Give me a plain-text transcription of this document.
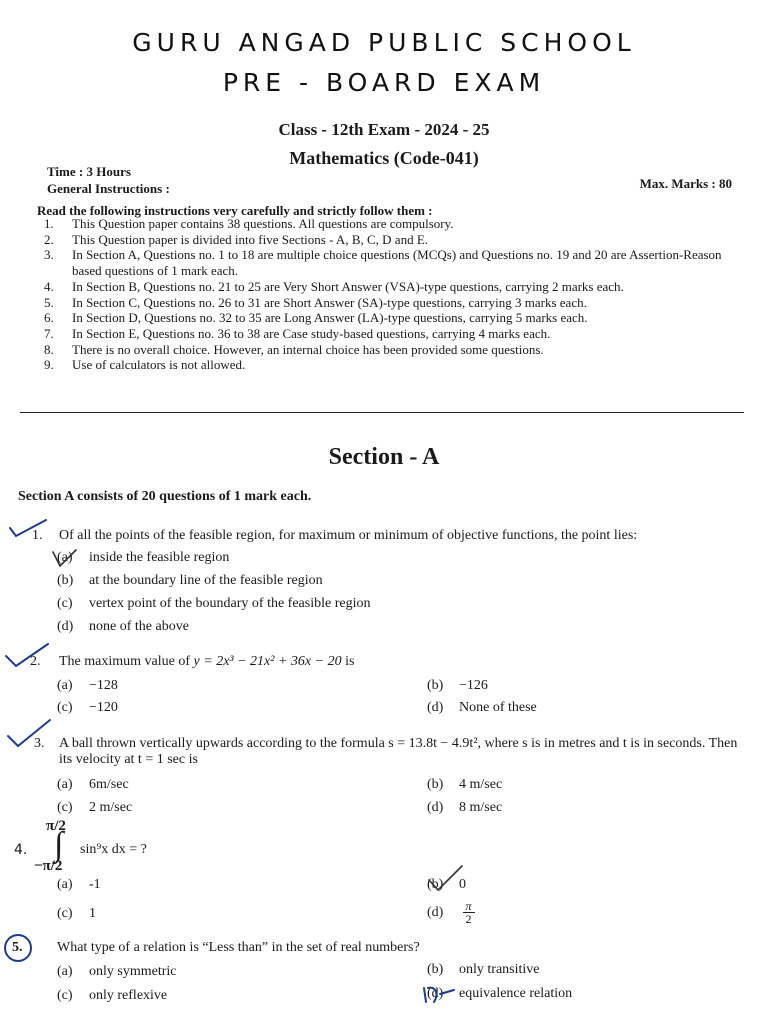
GURU ANGAD PUBLIC SCHOOL
PRE - BOARD EXAM
Class - 12th Exam - 2024 - 25
Mathematics (Code-041)
Time : 3 Hours
General Instructions :	Max. Marks : 80
Read the following instructions very carefully and strictly follow them :
1.	This Question paper contains 38 questions. All questions are compulsory.
2.	This Question paper is divided into five Sections - A, B, C, D and E.
3.	In Section A, Questions no. 1 to 18 are multiple choice questions (MCQs) and Questions no. 19 and 20 are Assertion-Reason based questions of 1 mark each.
4.	In Section B, Questions no. 21 to 25 are Very Short Answer (VSA)-type questions, carrying 2 marks each.
5.	In Section C, Questions no. 26 to 31 are Short Answer (SA)-type questions, carrying 3 marks each.
6.	In Section D, Questions no. 32 to 35 are Long Answer (LA)-type questions, carrying 5 marks each.
7.	In Section E, Questions no. 36 to 38 are Case study-based questions, carrying 4 marks each.
8.	There is no overall choice. However, an internal choice has been provided some questions.
9.	Use of calculators is not allowed.
Section - A
Section A consists of 20 questions of 1 mark each.
1. Of all the points of the feasible region, for maximum or minimum of objective functions, the point lies:
(a) inside the feasible region
(b) at the boundary line of the feasible region
(c) vertex point of the boundary of the feasible region
(d) none of the above
2. The maximum value of y = 2x³ − 21x² + 36x − 20 is
(a) −128	(b) −126
(c) −120	(d) None of these
3. A ball thrown vertically upwards according to the formula s = 13.8t − 4.9t², where s is in metres and t is in seconds. Then its velocity at t = 1 sec is
(a) 6m/sec	(b) 4 m/sec
(c) 2 m/sec	(d) 8 m/sec
4.
π/2
∫
−π/2
sin⁹x dx = ?
(a) -1	(b) 0
(c) 1	$(d) \frac{\pi}{2}$
5. What type of a relation is “Less than” in the set of real numbers?
(a) only symmetric	(b) only transitive
(c) only reflexive	(d) equivalence relation
